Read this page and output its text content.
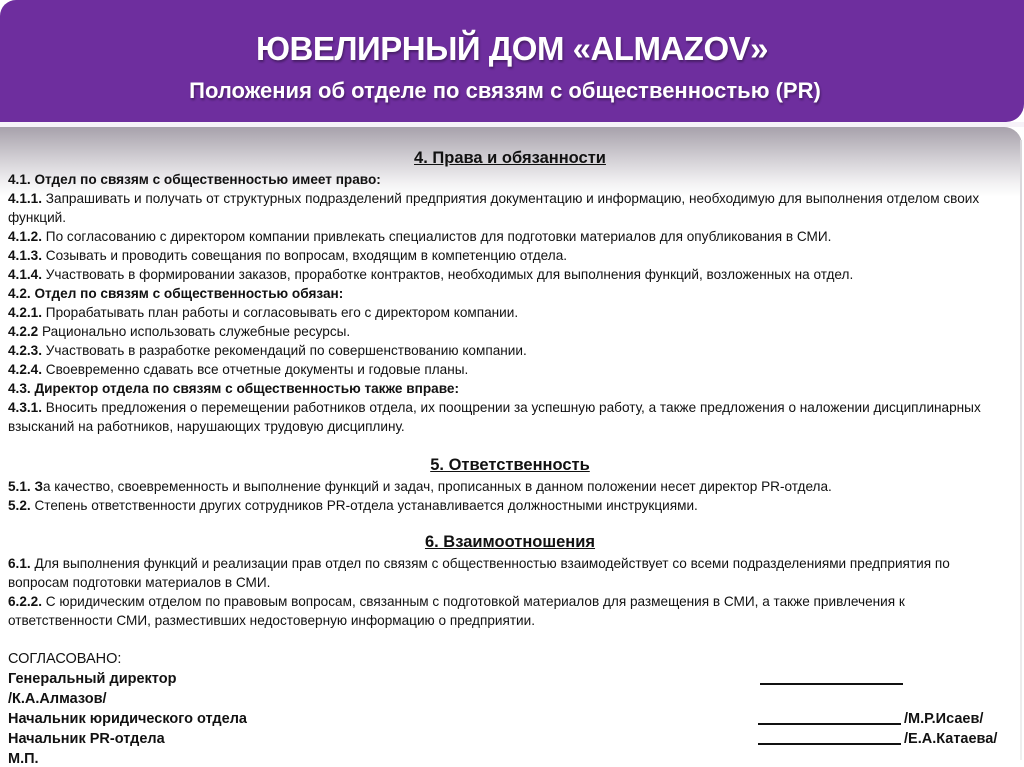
ЮВЕЛИРНЫЙ ДОМ «ALMAZOV»
Положения об отделе по связям с общественностью (PR)
4. Права и обязанности

4.1. Отдел по связям с общественностью имеет право:

4.1.1. Запрашивать и получать от структурных подразделений предприятия документацию и информацию, необходимую для выполнения отделом своих функций.

4.1.2. По согласованию с директором компании привлекать специалистов для подготовки материалов для опубликования в СМИ.

4.1.3. Созывать и проводить совещания по вопросам, входящим в компетенцию отдела.

4.1.4. Участвовать в формировании заказов, проработке контрактов, необходимых для выполнения функций, возложенных на отдел.

4.2. Отдел по связям с общественностью обязан:

4.2.1. Прорабатывать план работы и согласовывать его с директором компании.

4.2.2 Рационально использовать служебные ресурсы.

4.2.3. Участвовать в разработке рекомендаций по совершенствованию компании.

4.2.4. Своевременно сдавать все отчетные документы и годовые планы.

4.3. Директор отдела по связям с общественностью также вправе:

4.3.1. Вносить предложения о перемещении работников отдела, их поощрении за успешную работу, а также предложения о наложении дисциплинарных взысканий на работников, нарушающих трудовую дисциплину.

5. Ответственность

5.1. За качество, своевременность и выполнение функций и задач, прописанных в данном положении несет директор PR-отдела.

5.2. Степень ответственности других сотрудников PR-отдела устанавливается должностными инструкциями.

6. Взаимоотношения

6.1. Для выполнения функций и реализации прав отдел по связям с общественностью взаимодействует со всеми подразделениями предприятия по вопросам подготовки материалов в СМИ.

6.2.2. С юридическим отделом по правовым вопросам, связанным с подготовкой материалов для размещения в СМИ, а также привлечения к ответственности СМИ, разместивших недостоверную информацию о предприятии.

СОГЛАСОВАНО:
Генеральный директор
/К.А.Алмазов/
Начальник юридического отдела	/М.Р.Исаев/
Начальник PR-отдела	/Е.А.Катаева/
М.П.
